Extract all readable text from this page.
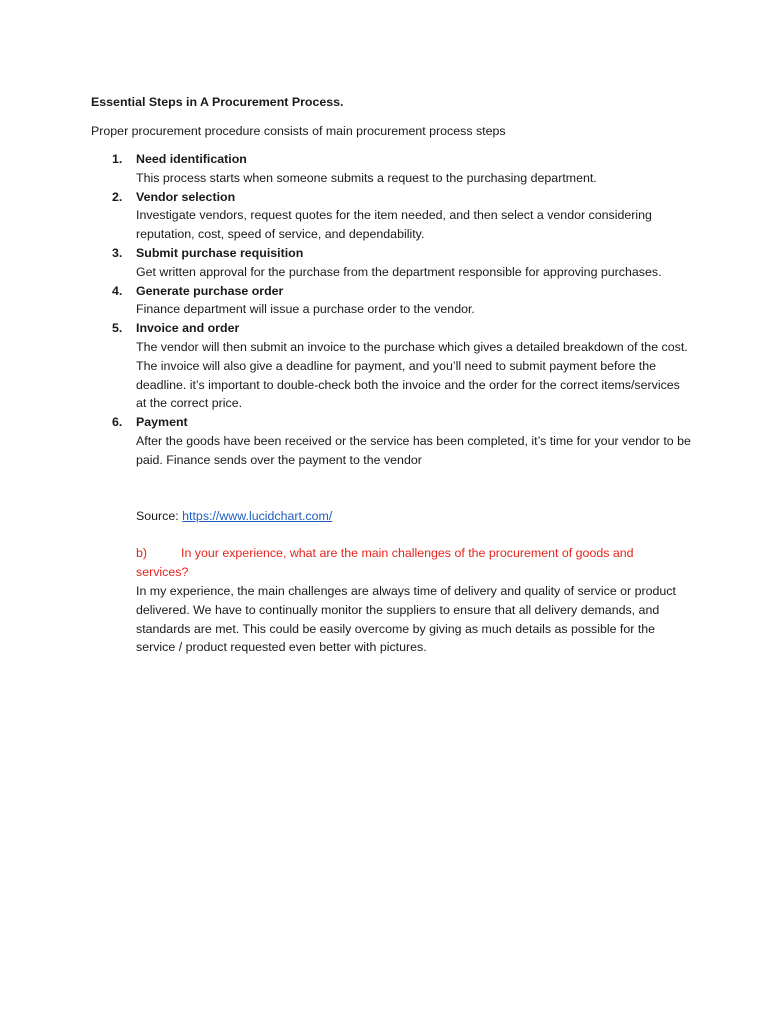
Essential Steps in A Procurement Process.

Proper procurement procedure consists of main procurement process steps

1. Need identification
This process starts when someone submits a request to the purchasing department.
2. Vendor selection
Investigate vendors, request quotes for the item needed, and then select a vendor considering reputation, cost, speed of service, and dependability.
3. Submit purchase requisition
Get written approval for the purchase from the department responsible for approving purchases.
4. Generate purchase order
Finance department will issue a purchase order to the vendor.
5. Invoice and order
The vendor will then submit an invoice to the purchase which gives a detailed breakdown of the cost. The invoice will also give a deadline for payment, and you’ll need to submit payment before the deadline. it’s important to double-check both the invoice and the order for the correct items/services at the correct price.
6. Payment
After the goods have been received or the service has been completed, it’s time for your vendor to be paid. Finance sends over the payment to the vendor

Source: https://www.lucidchart.com/

b)	In your experience, what are the main challenges of the procurement of goods and services?

In my experience, the main challenges are always time of delivery and quality of service or product delivered. We have to continually monitor the suppliers to ensure that all delivery demands, and standards are met. This could be easily overcome by giving as much details as possible for the service / product requested even better with pictures.
